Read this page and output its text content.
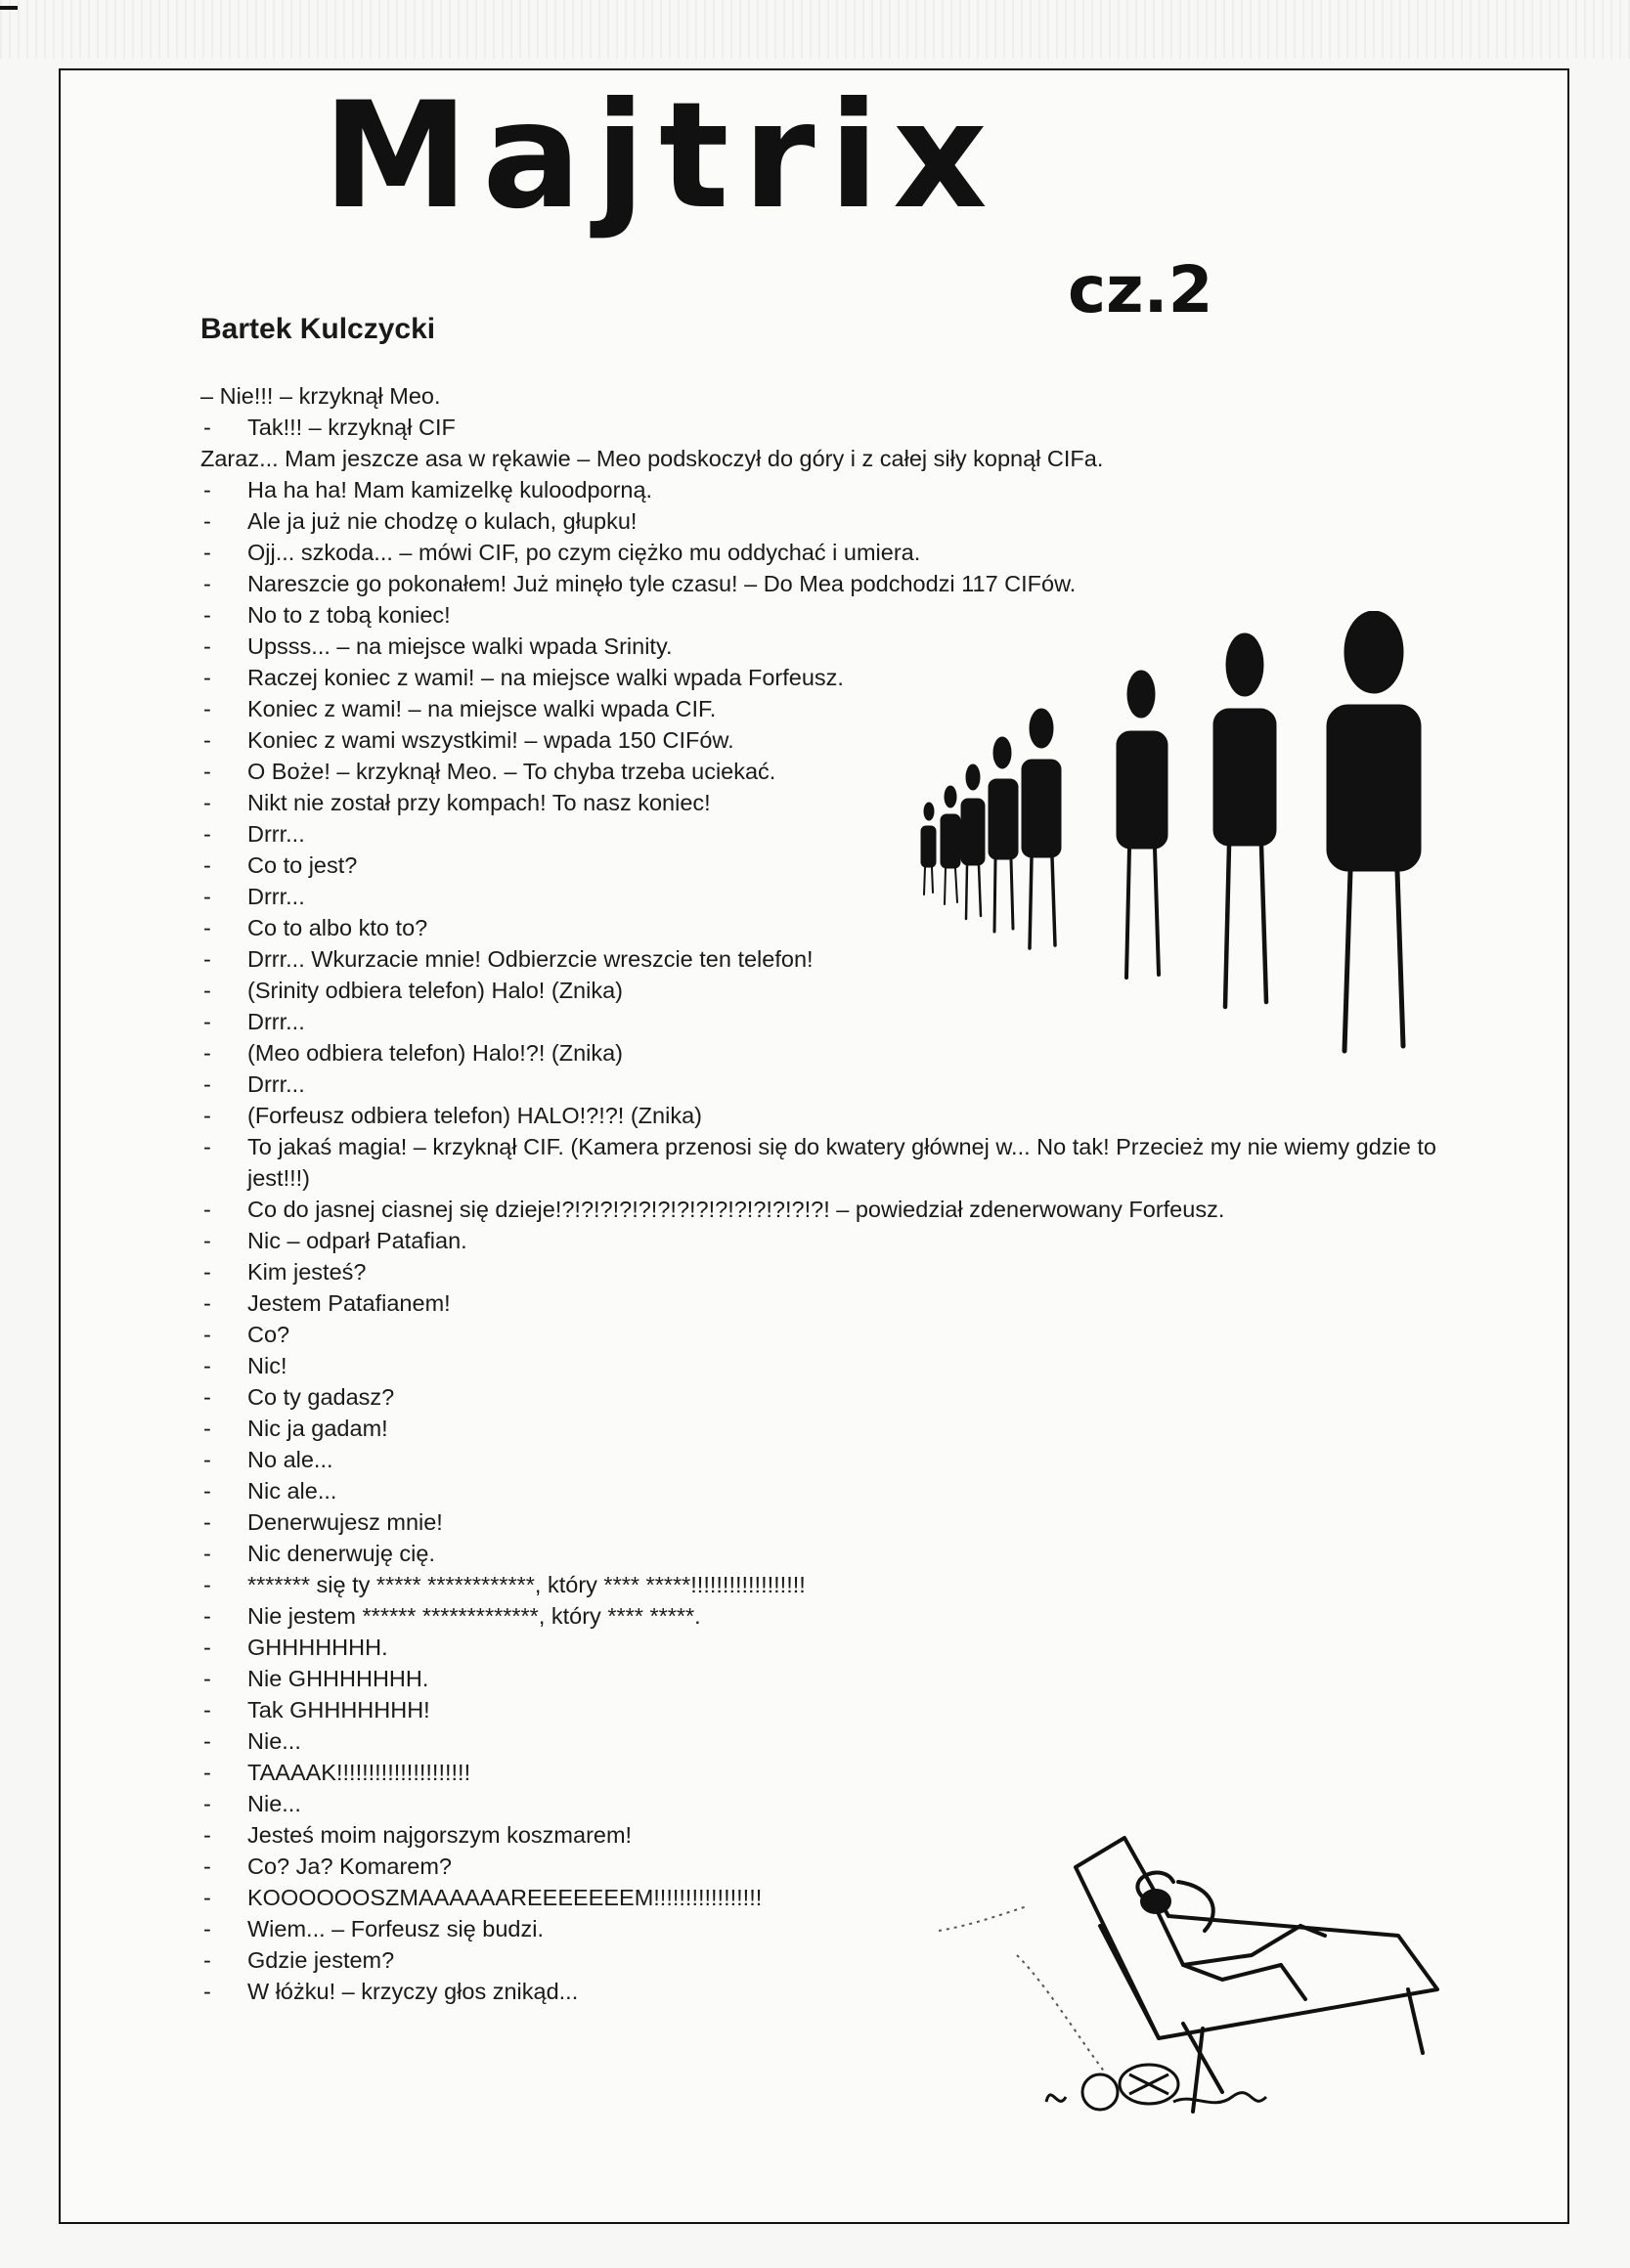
Majtrix
cz.2
Bartek Kulczycki
– Nie!!! – krzyknął Meo.
- Tak!!! – krzyknął CIF
Zaraz... Mam jeszcze asa w rękawie – Meo podskoczył do góry i z całej siły kopnął CIFa.
- Ha ha ha! Mam kamizelkę kuloodporną.
- Ale ja już nie chodzę o kulach, głupku!
- Ojj... szkoda... – mówi CIF, po czym ciężko mu oddychać i umiera.
- Nareszcie go pokonałem! Już minęło tyle czasu! – Do Mea podchodzi 117 CIFów.
- No to z tobą koniec!
- Upsss... – na miejsce walki wpada Srinity.
- Raczej koniec z wami! – na miejsce walki wpada Forfeusz.
- Koniec z wami! – na miejsce walki wpada CIF.
- Koniec z wami wszystkimi! – wpada 150 CIFów.
- O Boże! – krzyknął Meo. – To chyba trzeba uciekać.
- Nikt nie został przy kompach! To nasz koniec!
- Drrr...
- Co to jest?
- Drrr...
- Co to albo kto to?
- Drrr... Wkurzacie mnie! Odbierzcie wreszcie ten telefon!
- (Srinity odbiera telefon) Halo! (Znika)
- Drrr...
- (Meo odbiera telefon) Halo!?! (Znika)
- Drrr...
- (Forfeusz odbiera telefon) HALO!?!?! (Znika)
- To jakaś magia! – krzyknął CIF. (Kamera przenosi się do kwatery głównej w... No tak! Przecież my nie wiemy gdzie to jest!!!)
- Co do jasnej ciasnej się dzieje!?!?!?!?!?!?!?!?!?!?!?!?!?!?! – powiedział zdenerwowany Forfeusz.
- Nic – odparł Patafian.
- Kim jesteś?
- Jestem Patafianem!
- Co?
- Nic!
- Co ty gadasz?
- Nic ja gadam!
- No ale...
- Nic ale...
- Denerwujesz mnie!
- Nic denerwuję cię.
- ******* się ty ***** ************, który **** *****!!!!!!!!!!!!!!!!!!
- Nie jestem ****** *************, który **** *****.
- GHHHHHHH.
- Nie GHHHHHHH.
- Tak GHHHHHHH!
- Nie...
- TAAAAK!!!!!!!!!!!!!!!!!!!!!
- Nie...
- Jesteś moim najgorszym koszmarem!
- Co? Ja? Komarem?
- KOOOOOOSZMAAAAAAREEEEEEEM!!!!!!!!!!!!!!!!!
- Wiem... – Forfeusz się budzi.
- Gdzie jestem?
- W łóżku! – krzyczy głos znikąd...
